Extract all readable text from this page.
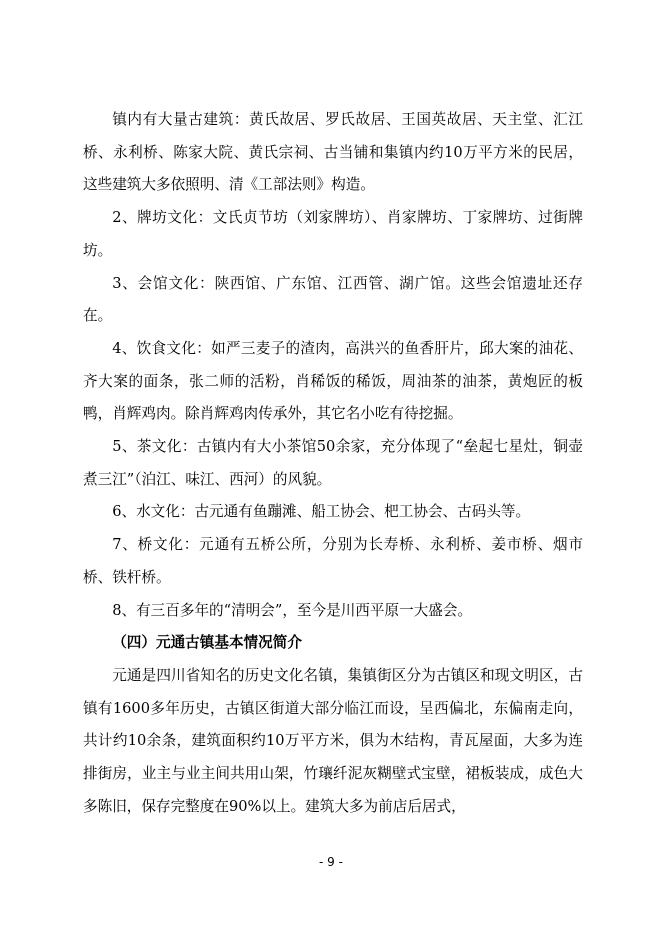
镇内有大量古建筑：黄氏故居、罗氏故居、王国英故居、天主堂、汇江桥、永利桥、陈家大院、黄氏宗祠、古当铺和集镇内约10万平方米的民居，这些建筑大多依照明、清《工部法则》构造。

2、牌坊文化：文氏贞节坊（刘家牌坊）、肖家牌坊、丁家牌坊、过街牌坊。

3、会馆文化：陕西馆、广东馆、江西管、湖广馆。这些会馆遗址还存在。

4、饮食文化：如严三麦子的渣肉，高洪兴的鱼香肝片，邱大案的油花、齐大案的面条，张二师的活粉，肖稀饭的稀饭，周油茶的油茶，黄炮匠的板鸭，肖辉鸡肉。除肖辉鸡肉传承外，其它名小吃有待挖掘。

5、茶文化：古镇内有大小茶馆50余家，充分体现了“垒起七星灶，铜壶煮三江”（泊江、味江、西河）的风貌。

6、水文化：古元通有鱼蹦滩、船工协会、杷工协会、古码头等。

7、桥文化：元通有五桥公所，分别为长寿桥、永利桥、姜市桥、烟市桥、铁杆桥。

8、有三百多年的“清明会”，至今是川西平原一大盛会。

（四）元通古镇基本情况简介

元通是四川省知名的历史文化名镇，集镇街区分为古镇区和现文明区，古镇有1600多年历史，古镇区街道大部分临江而设，呈西偏北，东偏南走向，共计约10余条，建筑面积约10万平方米，俱为木结构，青瓦屋面，大多为连排街房，业主与业主间共用山架，竹瓖纤泥灰糊壁式宝壁，裙板装成，成色大多陈旧，保存完整度在90%以上。建筑大多为前店后居式，

- 9 -
